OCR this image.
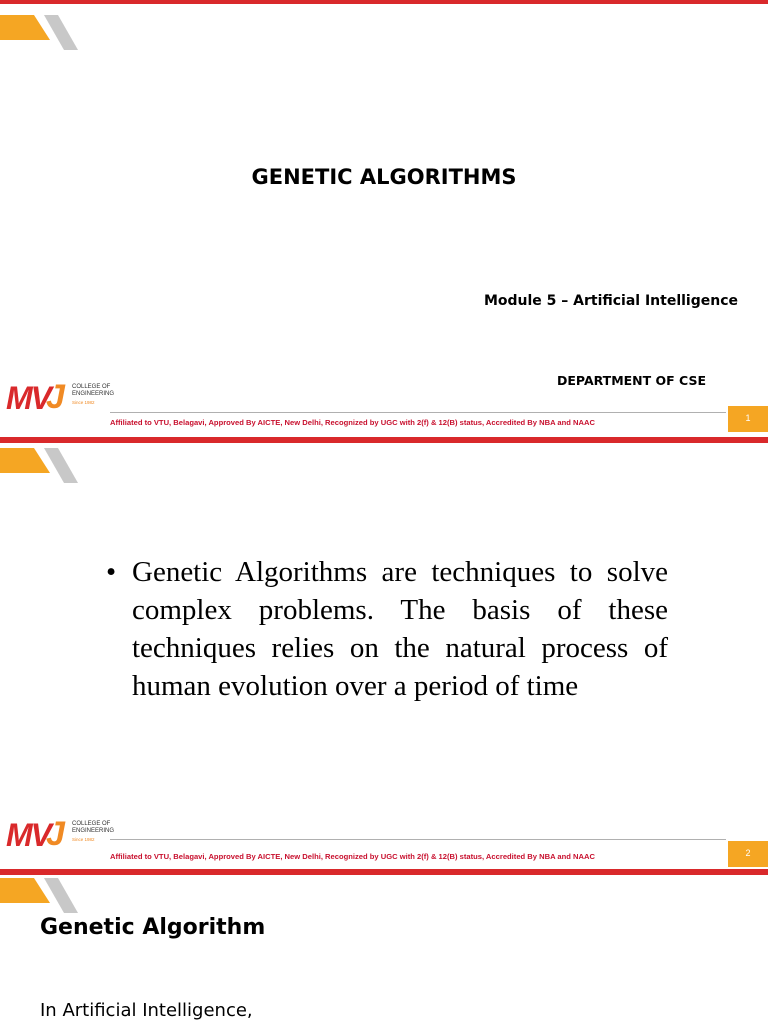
GENETIC ALGORITHMS
Module 5 – Artificial Intelligence
DEPARTMENT OF CSE
MV
J COLLEGE OF
ENGINEERING
Since 1982
Affiliated to VTU, Belagavi, Approved By AICTE, New Delhi, Recognized by UGC with 2(f) & 12(B) status, Accredited By NBA and NAAC	1
• Genetic Algorithms are techniques to solve complex problems. The basis of these techniques relies on the natural process of human evolution over a period of time
MV
J COLLEGE OF
ENGINEERING
Since 1982
Affiliated to VTU, Belagavi, Approved By AICTE, New Delhi, Recognized by UGC with 2(f) & 12(B) status, Accredited By NBA and NAAC	2
Genetic Algorithm
In Artificial Intelligence,
